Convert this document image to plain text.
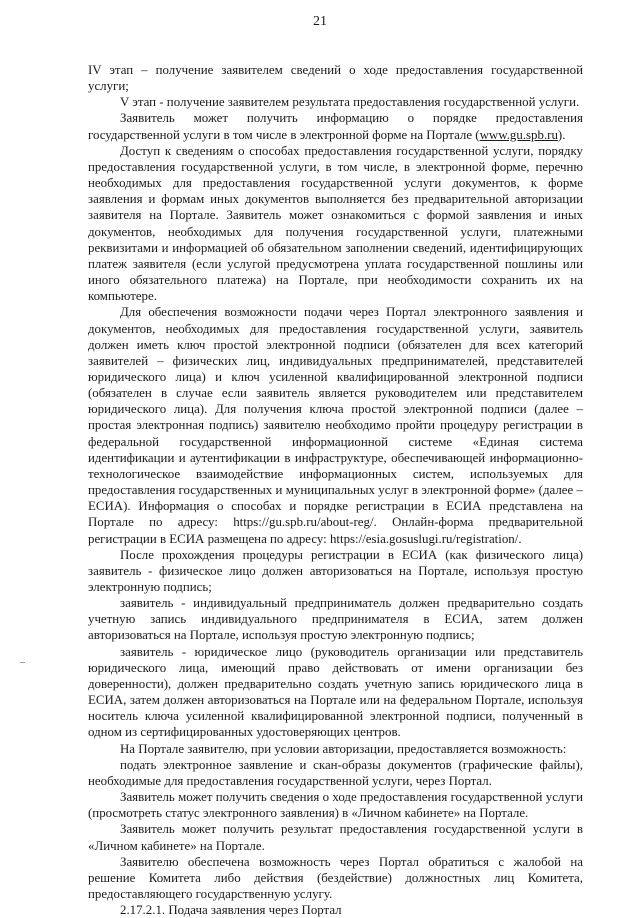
21

IV этап – получение заявителем сведений о ходе предоставления государственной услуги;

V этап - получение заявителем результата предоставления государственной услуги.

Заявитель может получить информацию о порядке предоставления государственной услуги в том числе в электронной форме на Портале (www.gu.spb.ru).

Доступ к сведениям о способах предоставления государственной услуги, порядку предоставления государственной услуги, в том числе, в электронной форме, перечню необходимых для предоставления государственной услуги документов, к форме заявления и формам иных документов выполняется без предварительной авторизации заявителя на Портале. Заявитель может ознакомиться с формой заявления и иных документов, необходимых для получения государственной услуги, платежными реквизитами и информацией об обязательном заполнении сведений, идентифицирующих платеж заявителя (если услугой предусмотрена уплата государственной пошлины или иного обязательного платежа) на Портале, при необходимости сохранить их на компьютере.

Для обеспечения возможности подачи через Портал электронного заявления и документов, необходимых для предоставления государственной услуги, заявитель должен иметь ключ простой электронной подписи (обязателен для всех категорий заявителей – физических лиц, индивидуальных предпринимателей, представителей юридического лица) и ключ усиленной квалифицированной электронной подписи (обязателен в случае если заявитель является руководителем или представителем юридического лица). Для получения ключа простой электронной подписи (далее – простая электронная подпись) заявителю необходимо пройти процедуру регистрации в федеральной государственной информационной системе «Единая система идентификации и аутентификации в инфраструктуре, обеспечивающей информационно-технологическое взаимодействие информационных систем, используемых для предоставления государственных и муниципальных услуг в электронной форме» (далее – ЕСИА). Информация о способах и порядке регистрации в ЕСИА представлена на Портале по адресу: https://gu.spb.ru/about-reg/. Онлайн-форма предварительной регистрации в ЕСИА размещена по адресу: https://esia.gosuslugi.ru/registration/.

После прохождения процедуры регистрации в ЕСИА (как физического лица) заявитель - физическое лицо должен авторизоваться на Портале, используя простую электронную подпись;

заявитель - индивидуальный предприниматель должен предварительно создать учетную запись индивидуального предпринимателя в ЕСИА, затем должен авторизоваться на Портале, используя простую электронную подпись;

заявитель - юридическое лицо (руководитель организации или представитель юридического лица, имеющий право действовать от имени организации без доверенности), должен предварительно создать учетную запись юридического лица в ЕСИА, затем должен авторизоваться на Портале или на федеральном Портале, используя носитель ключа усиленной квалифицированной электронной подписи, полученный в одном из сертифицированных удостоверяющих центров.

На Портале заявителю, при условии авторизации, предоставляется возможность:

подать электронное заявление и скан-образы документов (графические файлы), необходимые для предоставления государственной услуги, через Портал.

Заявитель может получить сведения о ходе предоставления государственной услуги (просмотреть статус электронного заявления) в «Личном кабинете» на Портале.

Заявитель может получить результат предоставления государственной услуги в «Личном кабинете» на Портале.

Заявителю обеспечена возможность через Портал обратиться с жалобой на решение Комитета либо действия (бездействие) должностных лиц Комитета, предоставляющего государственную услугу.

2.17.2.1. Подача заявления через Портал
